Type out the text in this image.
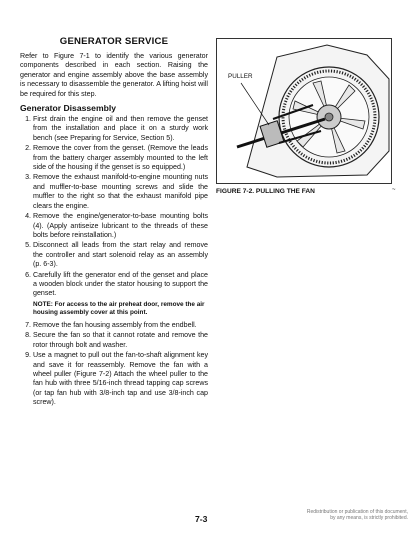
GENERATOR SERVICE

Refer to Figure 7-1 to identify the various generator components described in each section. Raising the generator and engine assembly above the base assembly is necessary to disassemble the generator. A lifting hoist will be required for this step.

Generator Disassembly
1. First drain the engine oil and then remove the genset from the installation and place it on a sturdy work bench (see Preparing for Service, Section 5).
2. Remove the cover from the genset. (Remove the leads from the battery charger assembly mounted to the left side of the housing if the genset is so equipped.)
3. Remove the exhaust manifold-to-engine mounting nuts and muffler-to-base mounting screws and slide the muffler to the right so that the exhaust manifold pipe clears the engine.
4. Remove the engine/generator-to-base mounting bolts (4). (Apply antiseize lubricant to the threads of these bolts before reinstallation.)
5. Disconnect all leads from the start relay and remove the controller and start solenoid relay as an assembly (p. 6-3).
6. Carefully lift the generator end of the genset and place a wooden block under the stator housing to support the genset.
NOTE: For access to the air preheat door, remove the air housing assembly cover at this point.
7. Remove the fan housing assembly from the endbell.
8. Secure the fan so that it cannot rotate and remove the rotor through bolt and washer.
9. Use a magnet to pull out the fan-to-shaft alignment key and save it for reassembly. Remove the fan with a wheel puller (Figure 7-2) Attach the wheel puller to the fan hub with three 5/16-inch thread tapping cap screws (or tap fan hub with 3/8-inch tap and use 3/8-inch cap screw).
PULLER
FIGURE 7-2. PULLING THE FAN	~
7-3
Redistribution or publication of this document,
by any means, is strictly prohibited.
